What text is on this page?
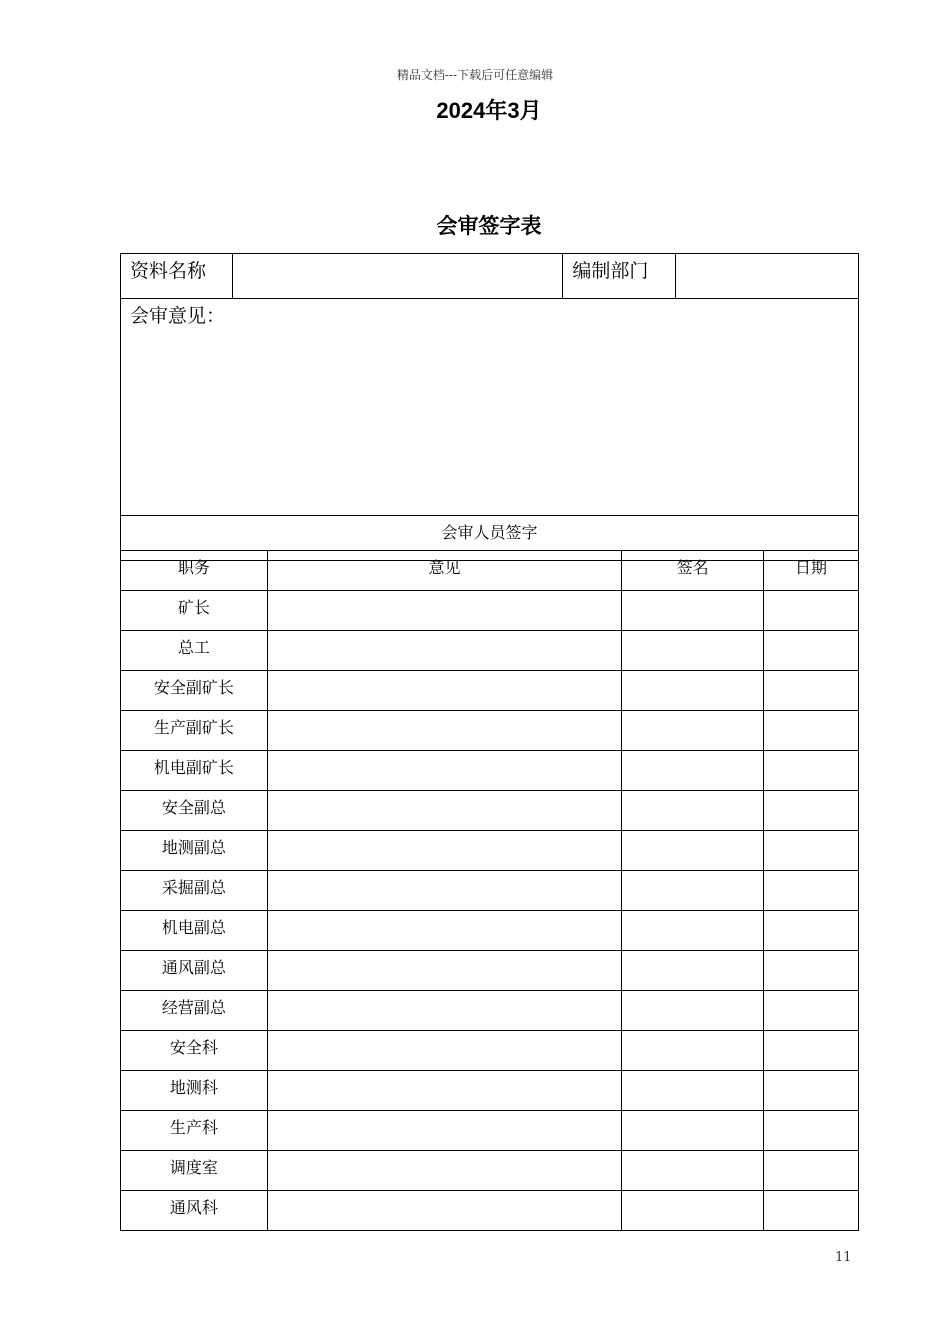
精品文档---下载后可任意编辑
2024年3月
会审签字表
资料名称		编制部门	
会审意见：
会审人员签字
职务	意见	签名	日期
矿长			
总工			
安全副矿长			
生产副矿长			
机电副矿长			
安全副总			
地测副总			
采掘副总			
机电副总			
通风副总			
经营副总			
安全科			
地测科			
生产科			
调度室			
通风科			
11
